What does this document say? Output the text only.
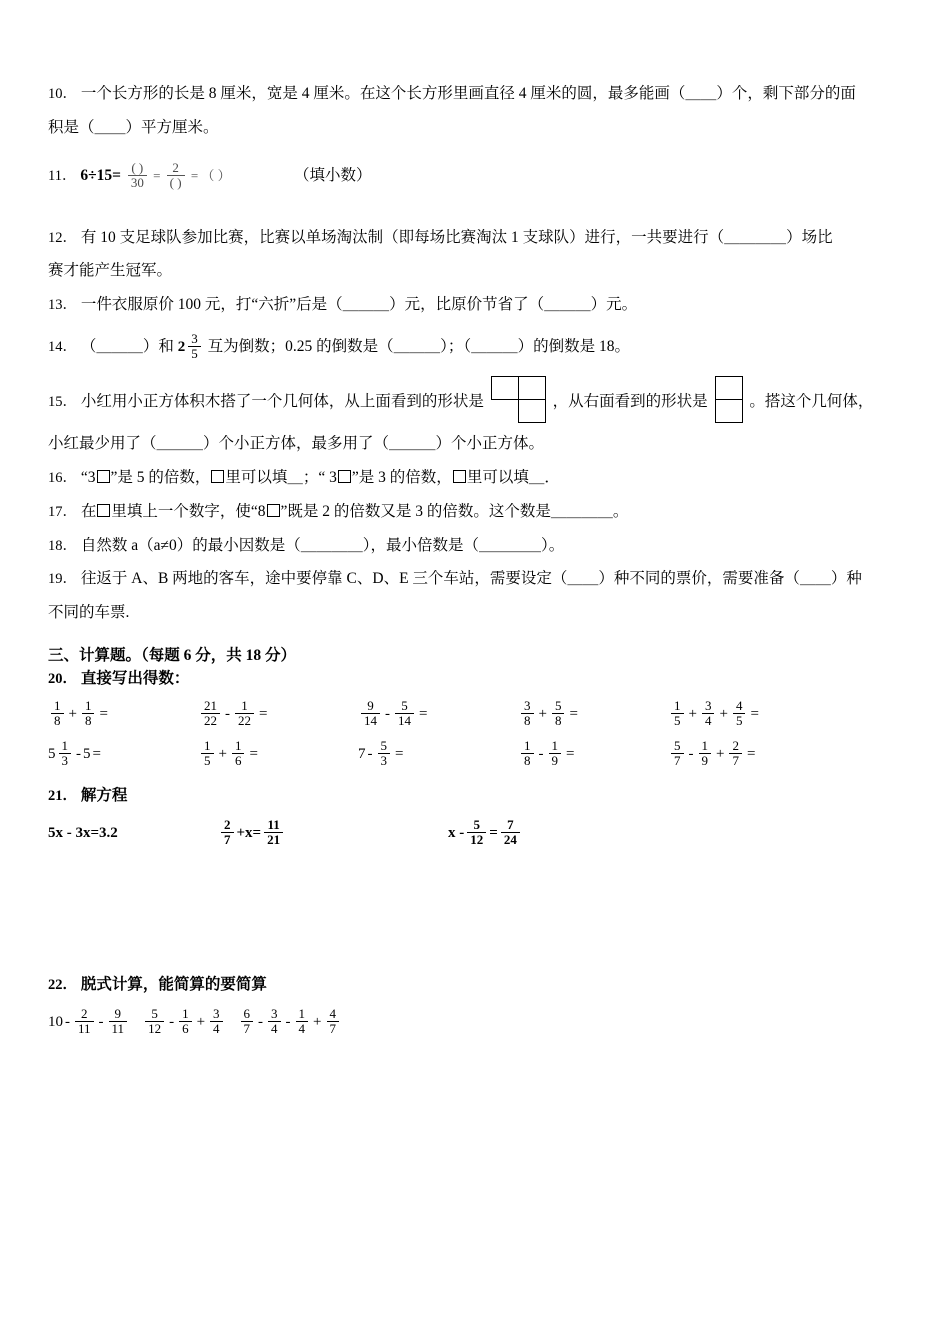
10． 一个长方形的长是 8 厘米，宽是 4 厘米。在这个长方形里画直径 4 厘米的圆，最多能画（＿＿）个，剩下部分的面
积是（＿＿）平方厘米。
11． $6\div 15= \frac{( )}{30} = \frac{2}{( )}$ = （ ）	（填小数）
12． 有 10 支足球队参加比赛，比赛以单场淘汰制（即每场比赛淘汰 1 支球队）进行，一共要进行（＿＿＿＿）场比
赛才能产生冠军。
13． 一件衣服原价 100 元，打“六折”后是（＿＿＿）元，比原价节省了（＿＿＿）元。
14． （＿＿＿）和 $2 \frac{3}{5}$ 互为倒数；0.25 的倒数是（＿＿＿）；（＿＿＿）的倒数是 18。
15． 小红用小正方体积木搭了一个几何体，从上面看到的形状是

		，从右面看到的形状是	。搭这个几何体，
小红最少用了（＿＿＿）个小正方体，最多用了（＿＿＿）个小正方体。
16． “3 ”是 5 的倍数， 里可以填＿；“ 3 ”是 3 的倍数， 里可以填＿．
17． 在 里填上一个数字，使“8 ”既是 2 的倍数又是 3 的倍数。这个数是＿＿＿＿。
18． 自然数 a（a≠0）的最小因数是（＿＿＿＿），最小倍数是（＿＿＿＿）。
19． 往返于 A、B 两地的客车，途中要停靠 C、D、E 三个车站，需要设定（＿＿）种不同的票价，需要准备（＿＿）种
不同的车票.
三、计算题。（每题 6 分，共 18 分）
20． 直接写出得数：
$\frac{1}{8} + \frac{1}{8}$ =	$\frac{21}{22} - \frac{1}{22}$ =	$\frac{9}{14} - \frac{5}{14}$ =	$\frac{3}{8} + \frac{5}{8}$ =	$\frac{1}{5} + \frac{3}{4} + \frac{4}{5}$ =
$5 \frac{1}{3} - 5$ =	$\frac{1}{5} + \frac{1}{6}$ =	$7 - \frac{5}{3}$ =	$\frac{1}{8} - \frac{1}{9}$ =	$\frac{5}{7} - \frac{1}{9} + \frac{2}{7}$ =
21． 解方程
5x - 3x=3.2	$\frac{2}{7} +x= \frac{11}{21}$	$x - \frac{5}{12} = \frac{7}{24}$
22． 脱式计算，能简算的要简算
$10 - \frac{2}{11} - \frac{9}{11} \frac{5}{12} - \frac{1}{6} + \frac{3}{4} \frac{6}{7} - \frac{3}{4} - \frac{1}{4} + \frac{4}{7}$
